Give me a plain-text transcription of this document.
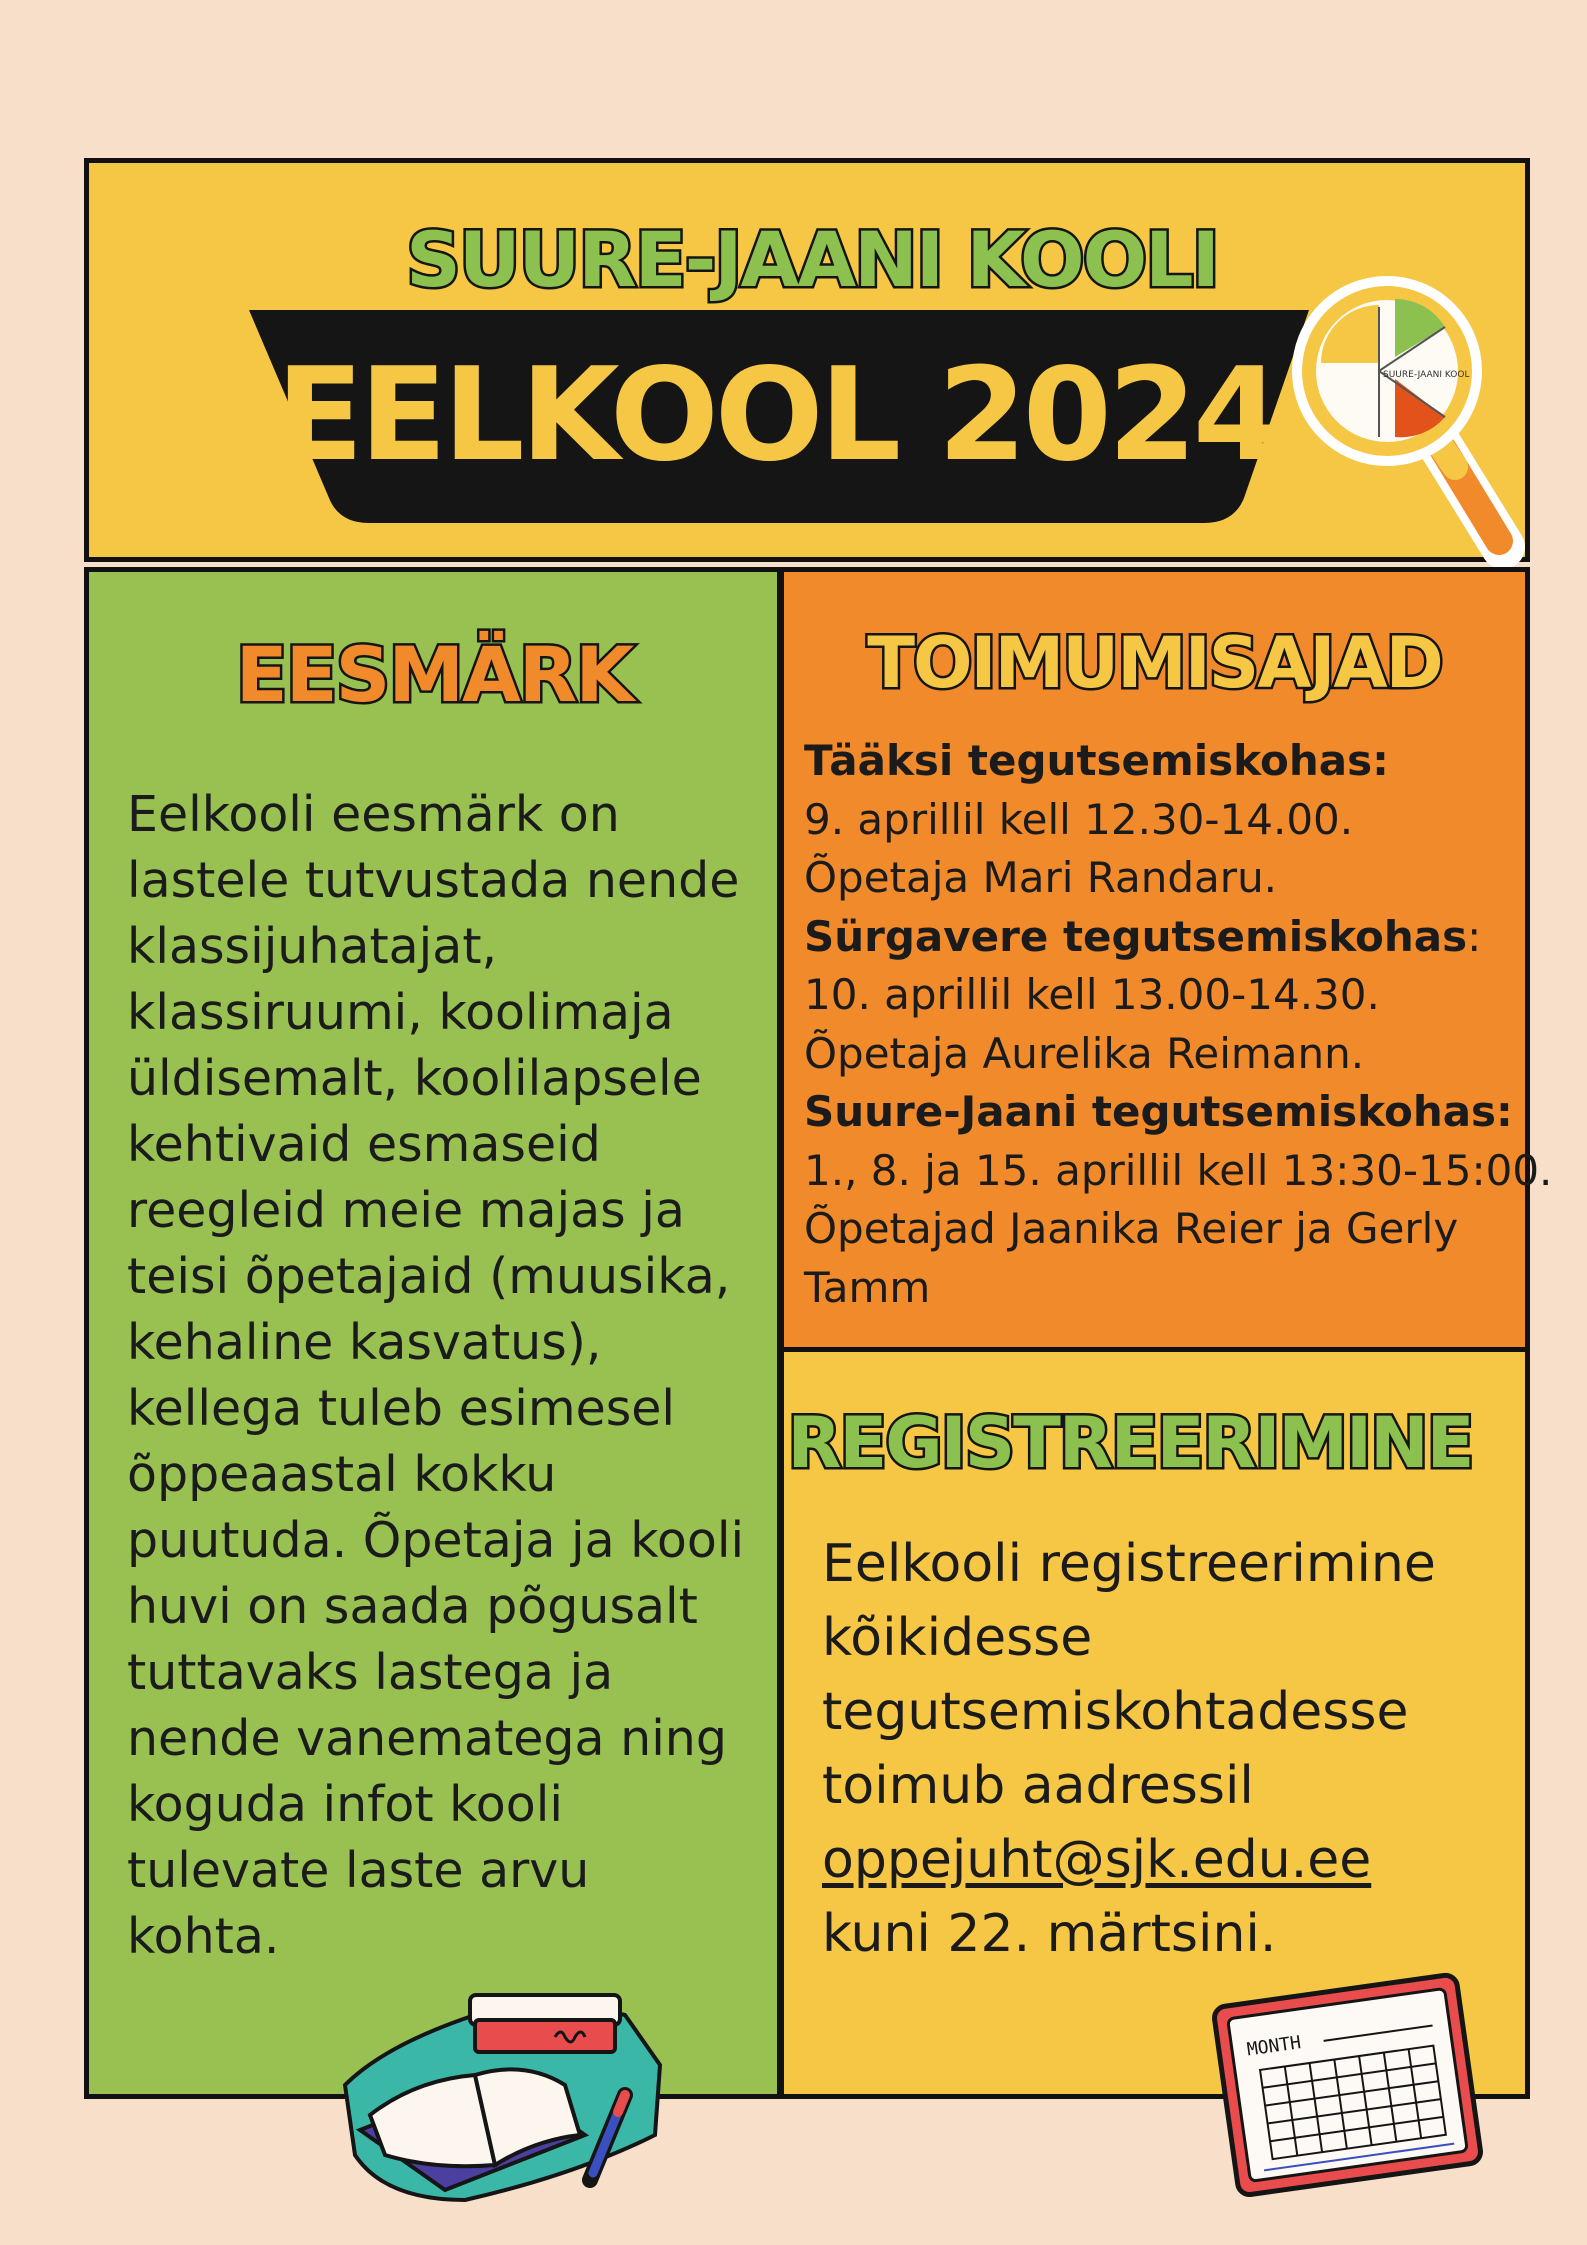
SUURE-JAANI KOOLI
EELKOOL 2024	SUURE-JAANI KOOL
EESMÄRK

Eelkooli eesmärk on lastele tutvustada nende klassijuhatajat, klassiruumi, koolimaja üldisemalt, koolilapsele kehtivaid esmaseid reegleid meie majas ja teisi õpetajaid (muusika, kehaline kasvatus), kellega tuleb esimesel õppeaastal kokku puutuda. Õpetaja ja kooli huvi on saada põgusalt tuttavaks lastega ja nende vanematega ning koguda infot kooli tulevate laste arvu kohta.

TOIMUMISAJAD

Tääksi tegutsemiskohas:

9. aprillil kell 12.30-14.00.

Õpetaja Mari Randaru.

Sürgavere tegutsemiskohas:

10. aprillil kell 13.00-14.30.

Õpetaja Aurelika Reimann.

Suure-Jaani tegutsemiskohas:

1., 8. ja 15. aprillil kell 13:30-15:00.

Õpetajad Jaanika Reier ja Gerly

Tamm

REGISTREERIMINE

Eelkooli registreerimine
kõikidesse
tegutsemiskohtadesse
toimub aadressil
oppejuht@sjk.edu.ee
kuni 22. märtsini.

MONTH
